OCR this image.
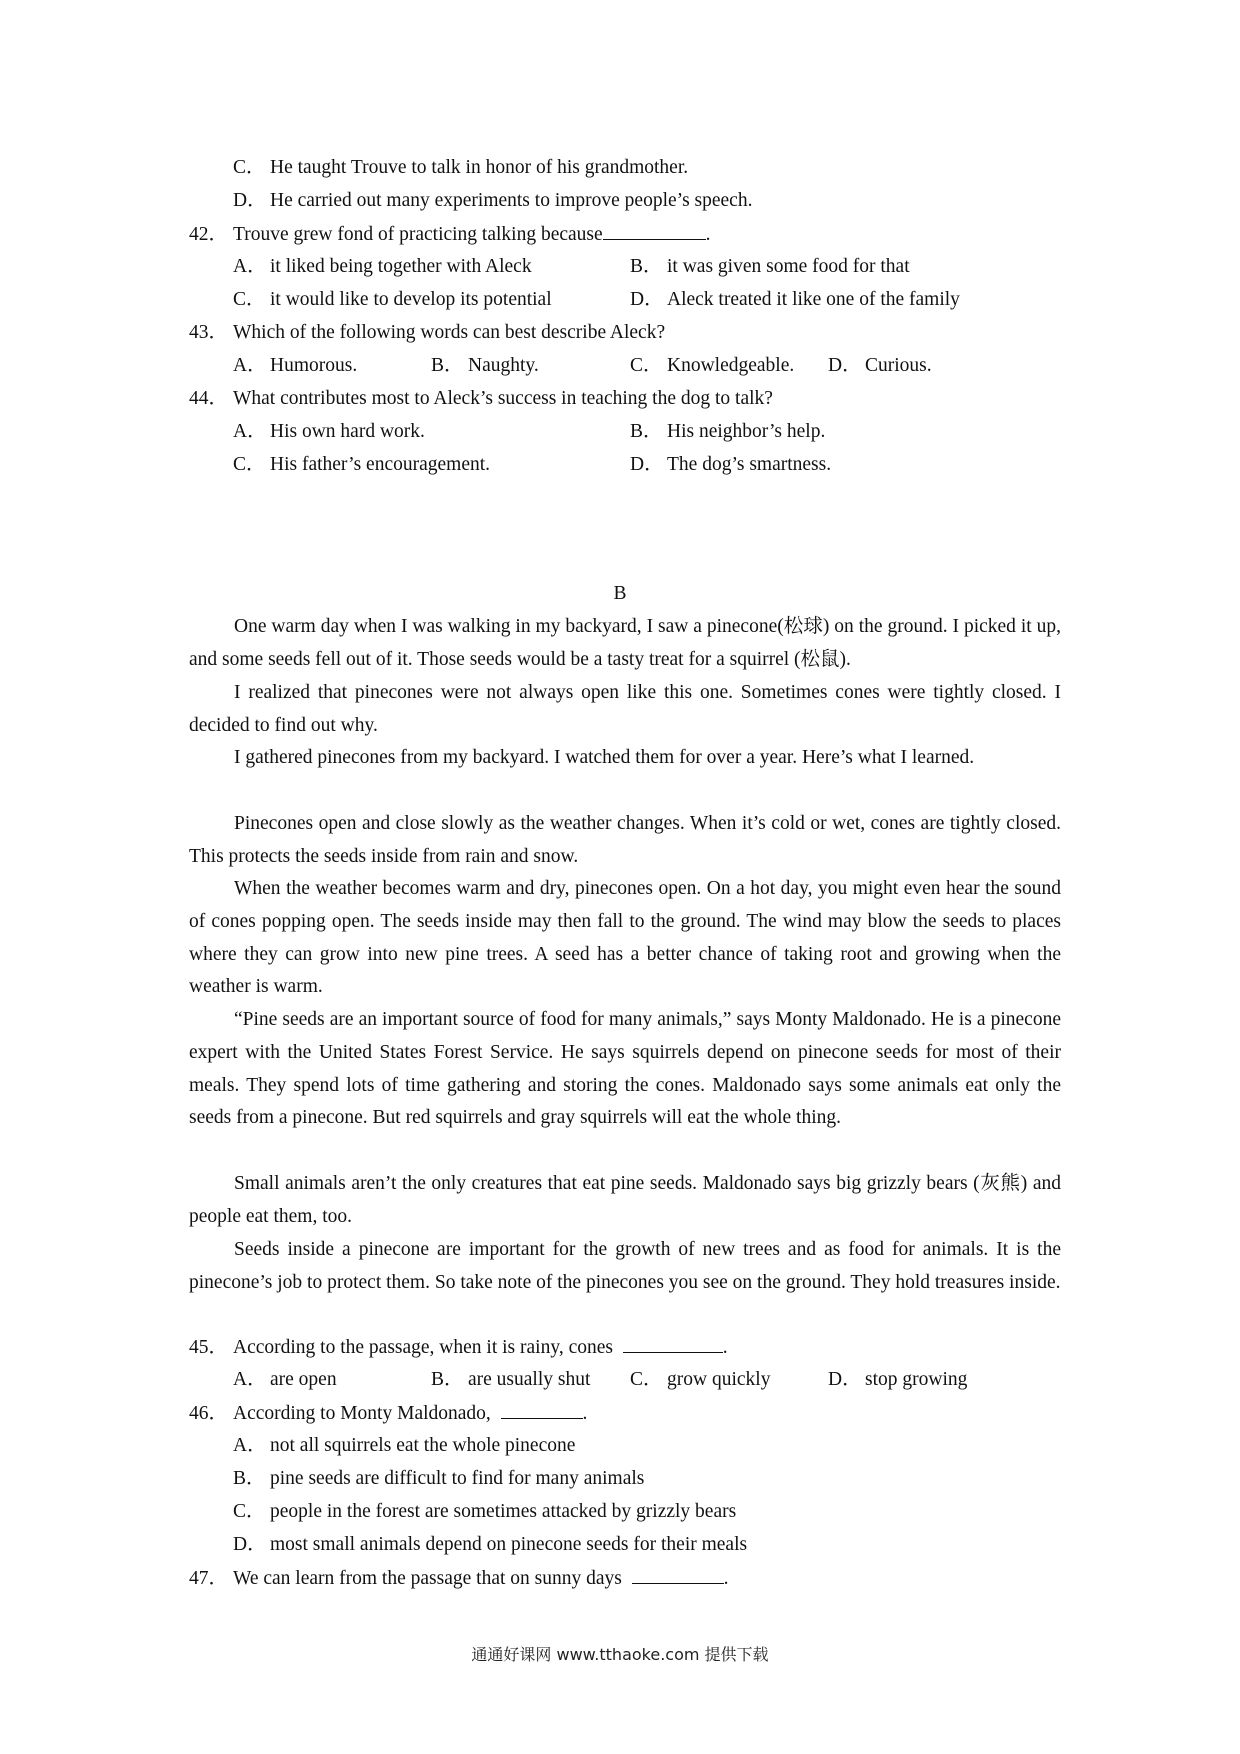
C． He taught Trouve to talk in honor of his grandmother.
D． He carried out many experiments to improve people’s speech.
42． Trouve grew fond of practicing talking because	.
A． it liked being together with Aleck	B． it was given some food for that
C． it would like to develop its potential	D． Aleck treated it like one of the family
43． Which of the following words can best describe Aleck?
A． Humorous.	B． Naughty.	C． Knowledgeable. D． Curious.
44． What contributes most to Aleck’s success in teaching the dog to talk?
A． His own hard work.	B． His neighbor’s help.
C． His father’s encouragement.	D． The dog’s smartness.
B
One warm day when I was walking in my backyard, I saw a pinecone(松球) on the ground. I picked it up, and some seeds fell out of it. Those seeds would be a tasty treat for a squirrel (松鼠).
I realized that pinecones were not always open like this one. Sometimes cones were tightly closed. I decided to find out why.
I gathered pinecones from my backyard. I watched them for over a year. Here’s what I learned.
Pinecones open and close slowly as the weather changes. When it’s cold or wet, cones are tightly closed. This protects the seeds inside from rain and snow.
When the weather becomes warm and dry, pinecones open. On a hot day, you might even hear the sound of cones popping open. The seeds inside may then fall to the ground. The wind may blow the seeds to places where they can grow into new pine trees. A seed has a better chance of taking root and growing when the weather is warm.
“Pine seeds are an important source of food for many animals,” says Monty Maldonado. He is a pinecone expert with the United States Forest Service. He says squirrels depend on pinecone seeds for most of their meals. They spend lots of time gathering and storing the cones. Maldonado says some animals eat only the seeds from a pinecone. But red squirrels and gray squirrels will eat the whole thing.
Small animals aren’t the only creatures that eat pine seeds. Maldonado says big grizzly bears (灰熊) and people eat them, too.
Seeds inside a pinecone are important for the growth of new trees and as food for animals. It is the pinecone’s job to protect them. So take note of the pinecones you see on the ground. They hold treasures inside.
45． According to the passage, when it is rainy, cones	.
A． are open	B． are usually shut C． grow quickly	D． stop growing
46． According to Monty Maldonado,	.
A． not all squirrels eat the whole pinecone
B． pine seeds are difficult to find for many animals
C． people in the forest are sometimes attacked by grizzly bears
D． most small animals depend on pinecone seeds for their meals
47． We can learn from the passage that on sunny days	.
通通好课网 www.tthaoke.com 提供下载
